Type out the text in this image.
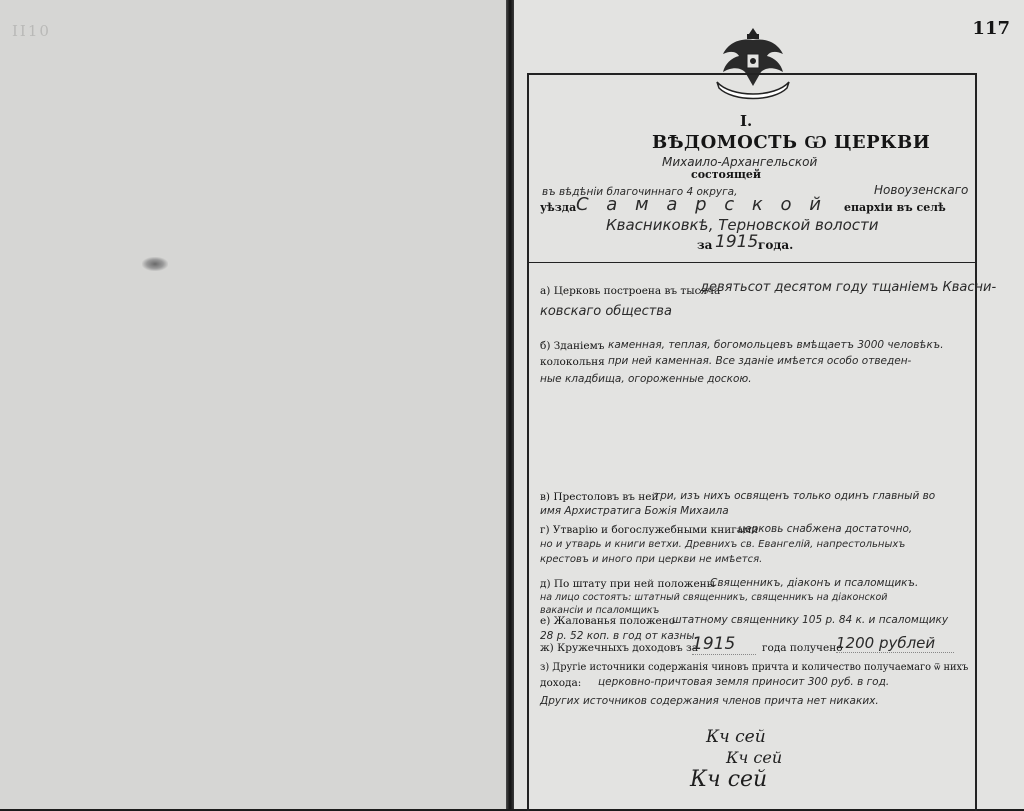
II10	117
I.
ВѢДОМОСТЬ Ѡ ЦЕРКВИ
Михаило-Архангельской
состоящей
въ вѣдѣніи благочиннаго 4 округа,	Новоузенскаго
уѣзда С а м а р с к о й епархіи въ селѣ
Квасниковкѣ, Терновской волости
за 1915 года.
а) Церковь построена въ тысяча
девятьсот десятом году тщаніемъ Квасни-
ковскаго общества
б) Зданіемъ каменная, теплая, богомольцевъ вмѣщаетъ 3000 человѣкъ.
колокольня при ней каменная. Все зданіе имѣется особо отведен-
ные кладбища, огороженные доскою.
в) Престоловъ въ ней
три, изъ нихъ освященъ только одинъ главный во
имя Архистратига Божія Михаила
г) Утварію и богослужебными книгами
церковь снабжена достаточно,
но и утварь и книги ветхи. Древнихъ св. Евангелій, напрестольныхъ
крестовъ и иного при церкви не имѣется.
д) По штату при ней положены
Священникъ, діаконъ и псаломщикъ.
на лицо состоятъ: штатный священникъ, священникъ на діаконской
вакансіи и псаломщикъ
е) Жалованья положено
штатному священнику 105 р. 84 к. и псаломщику
28 р. 52 коп. в год от казны.
ж) Кружечныхъ доходовъ за
1915	года получено
1200 рублей
з) Другіе источники содержанія чиновъ причта и количество получаемаго ѿ нихъ
дохода: церковно-причтовая земля приносит 300 руб. в год.
Других источников содержания членов причта нет никаких.
Кч сей
Кч сей
Кч сей
